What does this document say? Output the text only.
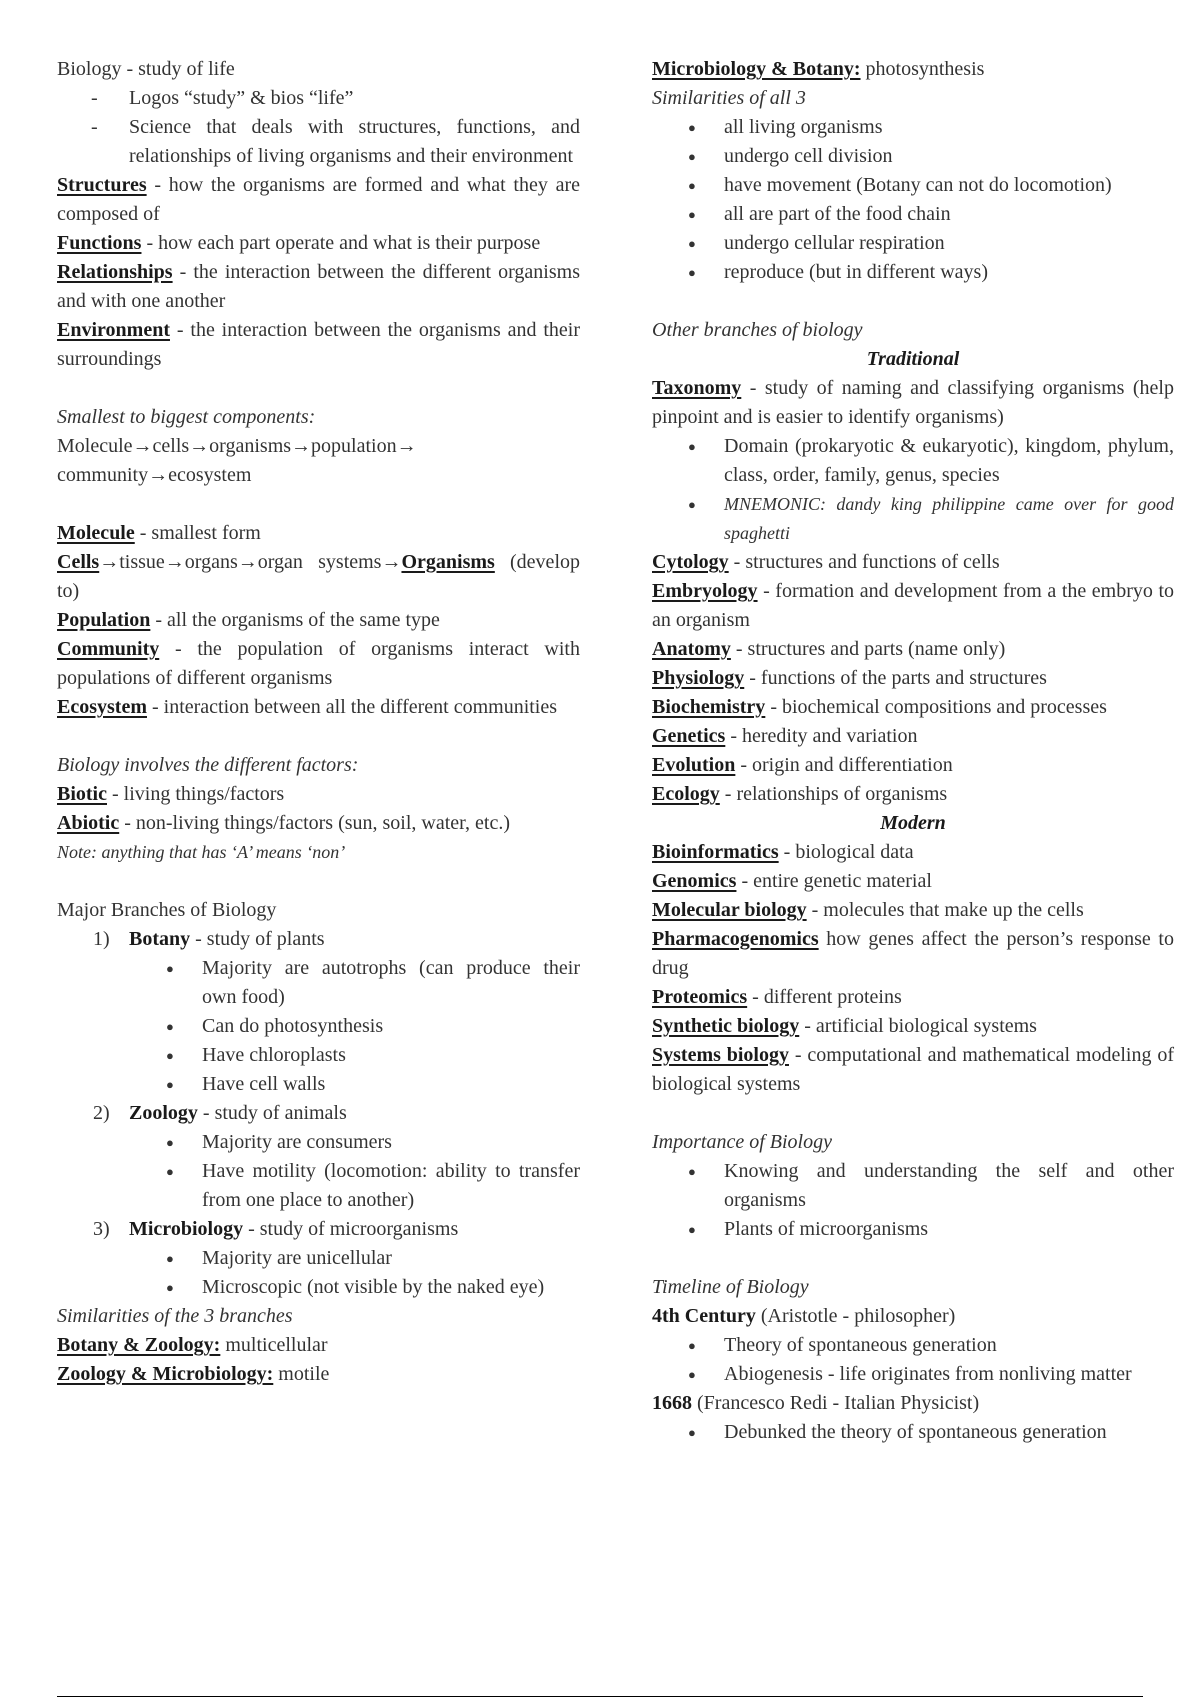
Biology - study of life

- Logos “study” & bios “life”

- Science that deals with structures, functions, and relationships of living organisms and their environment

Structures - how the organisms are formed and what they are composed of

Functions - how each part operate and what is their purpose

Relationships - the interaction between the different organisms and with one another

Environment - the interaction between the organisms and their surroundings

Smallest to biggest components:

Molecule→cells→organisms→population→

community→ecosystem

Molecule - smallest form

Cells→tissue→organs→organ systems→Organisms (develop to)

Population - all the organisms of the same type

Community - the population of organisms interact with populations of different organisms

Ecosystem - interaction between all the different communities

Biology involves the different factors:

Biotic - living things/factors

Abiotic - non-living things/factors (sun, soil, water, etc.)

Note: anything that has ‘A’ means ‘non’

Major Branches of Biology

1) Botany - study of plants

● Majority are autotrophs (can produce their own food)

● Can do photosynthesis

● Have chloroplasts

● Have cell walls

2) Zoology - study of animals

● Majority are consumers

● Have motility (locomotion: ability to transfer from one place to another)

3) Microbiology - study of microorganisms

● Majority are unicellular

● Microscopic (not visible by the naked eye)

Similarities of the 3 branches

Botany & Zoology: multicellular

Zoology & Microbiology: motile

Microbiology & Botany: photosynthesis

Similarities of all 3

● all living organisms

● undergo cell division

● have movement (Botany can not do locomotion)

● all are part of the food chain

● undergo cellular respiration

● reproduce (but in different ways)

Other branches of biology

Traditional

Taxonomy - study of naming and classifying organisms (help pinpoint and is easier to identify organisms)

● Domain (prokaryotic & eukaryotic), kingdom, phylum, class, order, family, genus, species

● MNEMONIC: dandy king philippine came over for good spaghetti

Cytology - structures and functions of cells

Embryology - formation and development from a the embryo to an organism

Anatomy - structures and parts (name only)

Physiology - functions of the parts and structures

Biochemistry - biochemical compositions and processes

Genetics - heredity and variation

Evolution - origin and differentiation

Ecology - relationships of organisms

Modern

Bioinformatics - biological data

Genomics - entire genetic material

Molecular biology - molecules that make up the cells

Pharmacogenomics how genes affect the person’s response to drug

Proteomics - different proteins

Synthetic biology - artificial biological systems

Systems biology - computational and mathematical modeling of biological systems

Importance of Biology

● Knowing and understanding the self and other organisms

● Plants of microorganisms

Timeline of Biology

4th Century (Aristotle - philosopher)

● Theory of spontaneous generation

● Abiogenesis - life originates from nonliving matter

1668 (Francesco Redi - Italian Physicist)

● Debunked the theory of spontaneous generation
